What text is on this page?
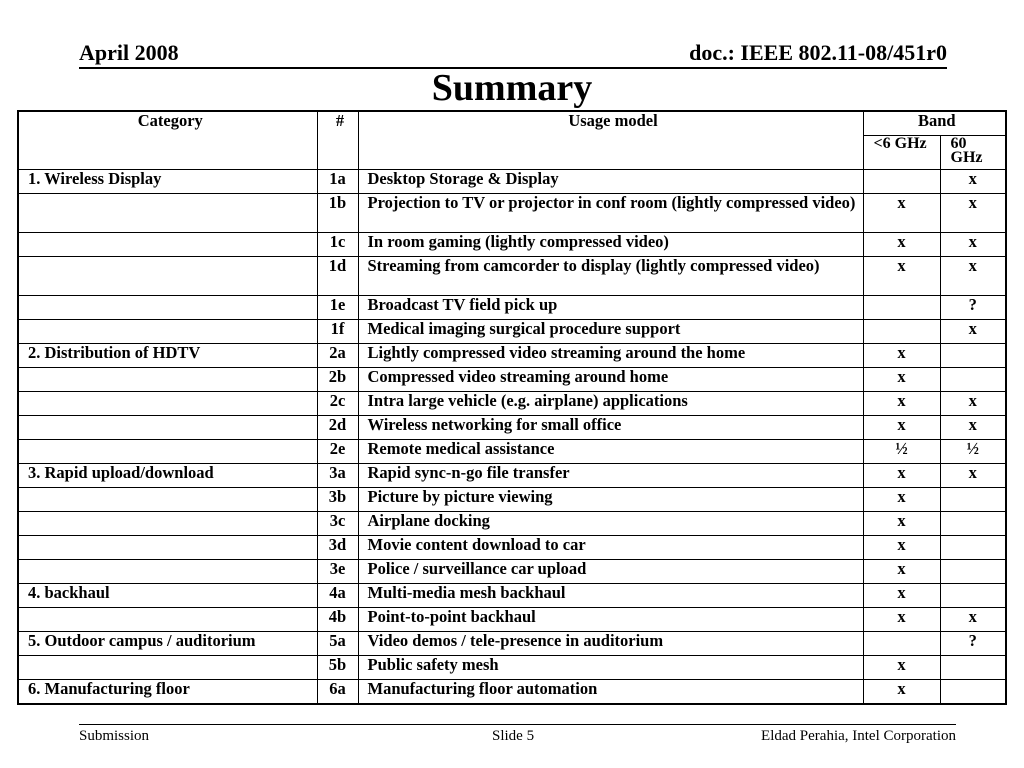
April 2008	doc.: IEEE 802.11-08/451r0
Summary
Category	#	Usage model	Band	
			<6 GHz	60 GHz
1. Wireless Display	1a	Desktop Storage & Display		x
	1b	Projection to TV or projector in conf room (lightly compressed video)	x	x
	1c	In room gaming (lightly compressed video)	x	x
	1d	Streaming from camcorder to display (lightly compressed video)	x	x
	1e	Broadcast TV field pick up		?
	1f	Medical imaging surgical procedure support		x
2. Distribution of HDTV	2a	Lightly compressed video streaming around the home	x	
	2b	Compressed video streaming around home	x	
	2c	Intra large vehicle (e.g. airplane) applications	x	x
	2d	Wireless networking for small office	x	x
	2e	Remote medical assistance	½	½
3. Rapid upload/download	3a	Rapid sync-n-go file transfer	x	x
	3b	Picture by picture viewing	x	
	3c	Airplane docking	x	
	3d	Movie content download to car	x	
	3e	Police / surveillance car upload	x	
4. backhaul	4a	Multi-media mesh backhaul	x	
	4b	Point-to-point backhaul	x	x
5. Outdoor campus / auditorium	5a	Video demos / tele-presence in auditorium		?
	5b	Public safety mesh	x	
6. Manufacturing floor	6a	Manufacturing floor automation	x	
Submission	Slide 5	Eldad Perahia, Intel Corporation
